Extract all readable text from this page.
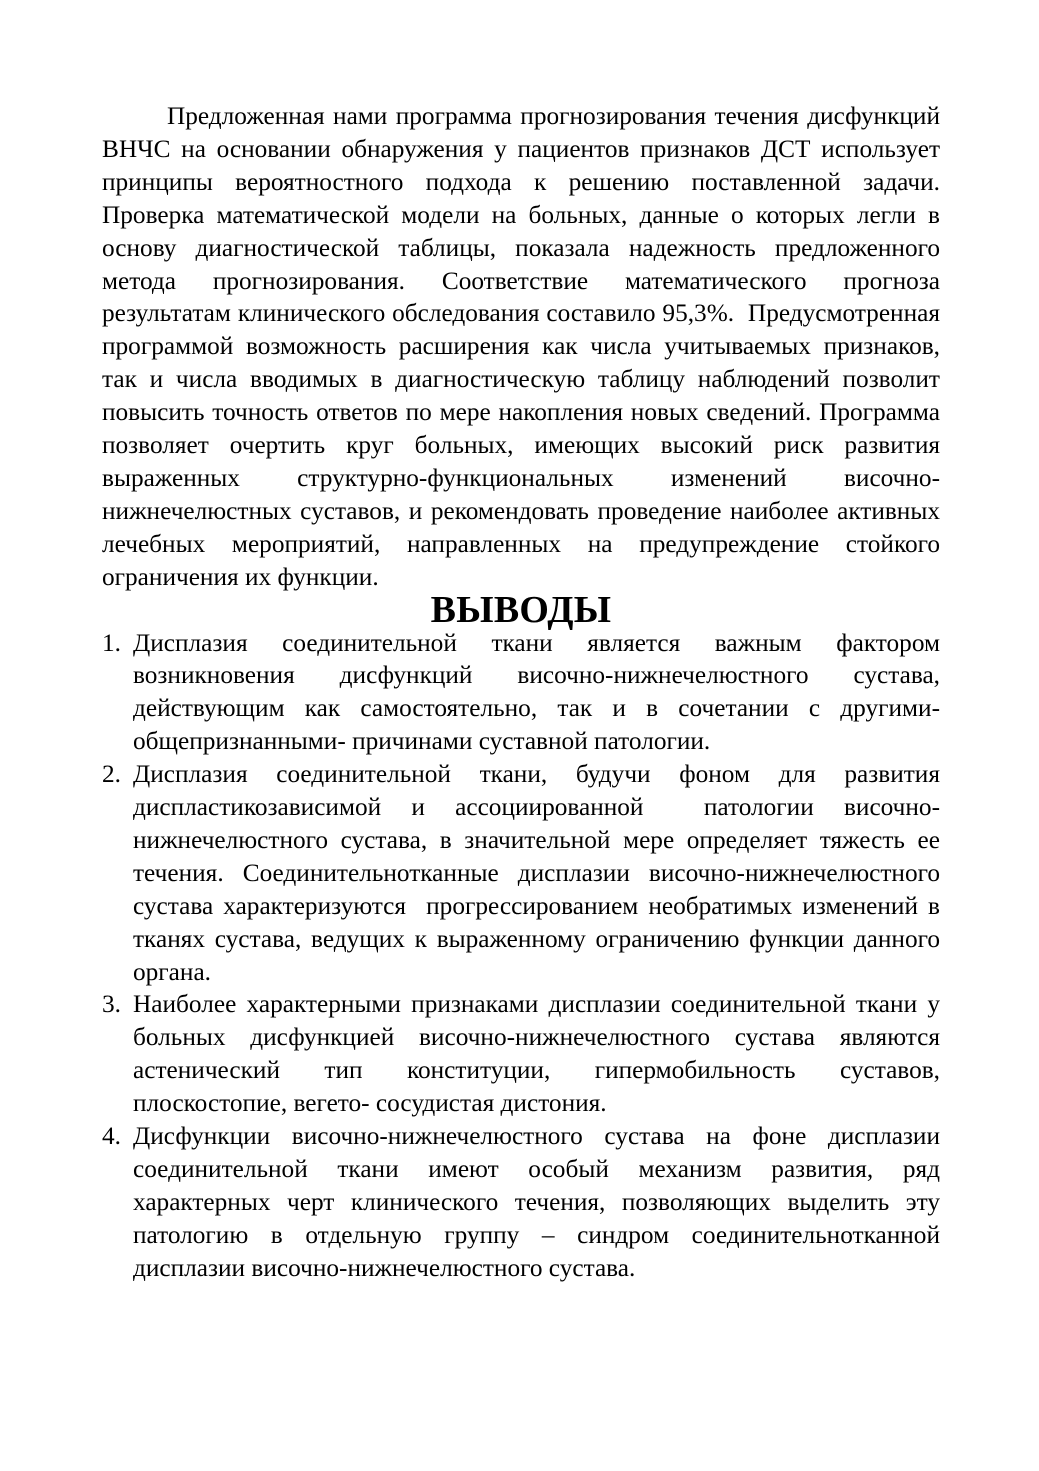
Предложенная нами программа прогнозирования течения дисфункций ВНЧС на основании обнаружения у пациентов признаков ДСТ использует принципы вероятностного подхода к решению поставленной задачи. Проверка математической модели на больных, данные о которых легли в основу диагностической таблицы, показала надежность предложенного метода прогнозирования. Соответствие математического прогноза результатам клинического обследования составило 95,3%.  Предусмотренная программой возможность расширения как числа учитываемых признаков, так и числа вводимых в диагностическую таблицу наблюдений позволит повысить точность ответов по мере накопления новых сведений. Программа позволяет очертить круг больных, имеющих высокий риск развития выраженных структурно-функциональных изменений височно-нижнечелюстных суставов, и рекомендовать проведение наиболее активных лечебных мероприятий, направленных на предупреждение стойкого ограничения их функции.

ВЫВОДЫ
1. Дисплазия соединительной ткани является важным фактором возникновения дисфункций височно-нижнечелюстного сустава, действующим как самостоятельно, так и в сочетании с другими-общепризнанными- причинами суставной патологии.
2. Дисплазия соединительной ткани, будучи фоном для развития диспластикозависимой и ассоциированной  патологии височно-нижнечелюстного сустава, в значительной мере определяет тяжесть ее течения. Соединительнотканные дисплазии височно-нижнечелюстного сустава характеризуются  прогрессированием необратимых изменений в тканях сустава, ведущих к выраженному ограничению функции данного органа.
3. Наиболее характерными признаками дисплазии соединительной ткани у больных дисфункцией височно-нижнечелюстного сустава являются астенический тип конституции, гипермобильность суставов, плоскостопие, вегето- сосудистая дистония.
4. Дисфункции височно-нижнечелюстного сустава на фоне дисплазии соединительной ткани имеют особый механизм развития, ряд характерных черт клинического течения, позволяющих выделить эту патологию в отдельную группу – синдром соединительнотканной дисплазии височно-нижнечелюстного сустава.
